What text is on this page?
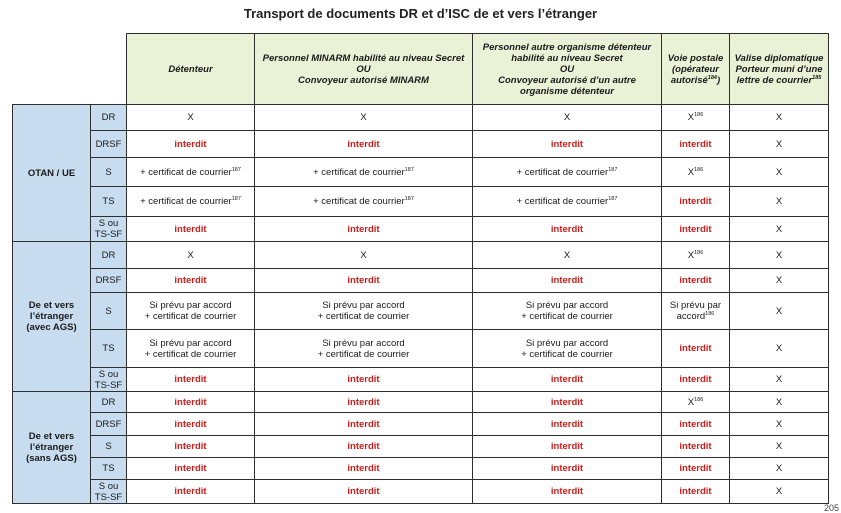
Transport de documents DR et d’ISC de et vers l’étranger
		Détenteur	Personnel MINARM habilité au niveau Secret
OU
Convoyeur autorisé MINARM	Personnel autre organisme détenteur
habilité au niveau Secret
OU
Convoyeur autorisé d’un autre
organisme détenteur	Voie postale
(opérateur
autorisé$^{184}$)	Valise diplomatique
Porteur muni d’une
lettre de courrier$^{185}$
OTAN / UE	DR	X	X	X	$X^{186}$	X
	DRSF	interdit	interdit	interdit	interdit	X
	S	+ certificat de courrier$^{187}$	+ certificat de courrier$^{187}$	+ certificat de courrier$^{187}$	$X^{186}$	X
	TS	+ certificat de courrier$^{187}$	+ certificat de courrier$^{187}$	+ certificat de courrier$^{187}$	interdit	X
	S ou
TS-SF	interdit	interdit	interdit	interdit	X
De et vers
l’étranger
(avec AGS)	DR	X	X	X	$X^{186}$	X
	DRSF	interdit	interdit	interdit	interdit	X
	S	Si prévu par accord
+ certificat de courrier	Si prévu par accord
+ certificat de courrier	Si prévu par accord
+ certificat de courrier	Si prévu par
accord$^{186}$	X
	TS	Si prévu par accord
+ certificat de courrier	Si prévu par accord
+ certificat de courrier	Si prévu par accord
+ certificat de courrier	interdit	X
	S ou
TS-SF	interdit	interdit	interdit	interdit	X
De et vers
l’étranger
(sans AGS)	DR	interdit	interdit	interdit	$X^{186}$	X
	DRSF	interdit	interdit	interdit	interdit	X
	S	interdit	interdit	interdit	interdit	X
	TS	interdit	interdit	interdit	interdit	X
	S ou
TS-SF	interdit	interdit	interdit	interdit	X
205
